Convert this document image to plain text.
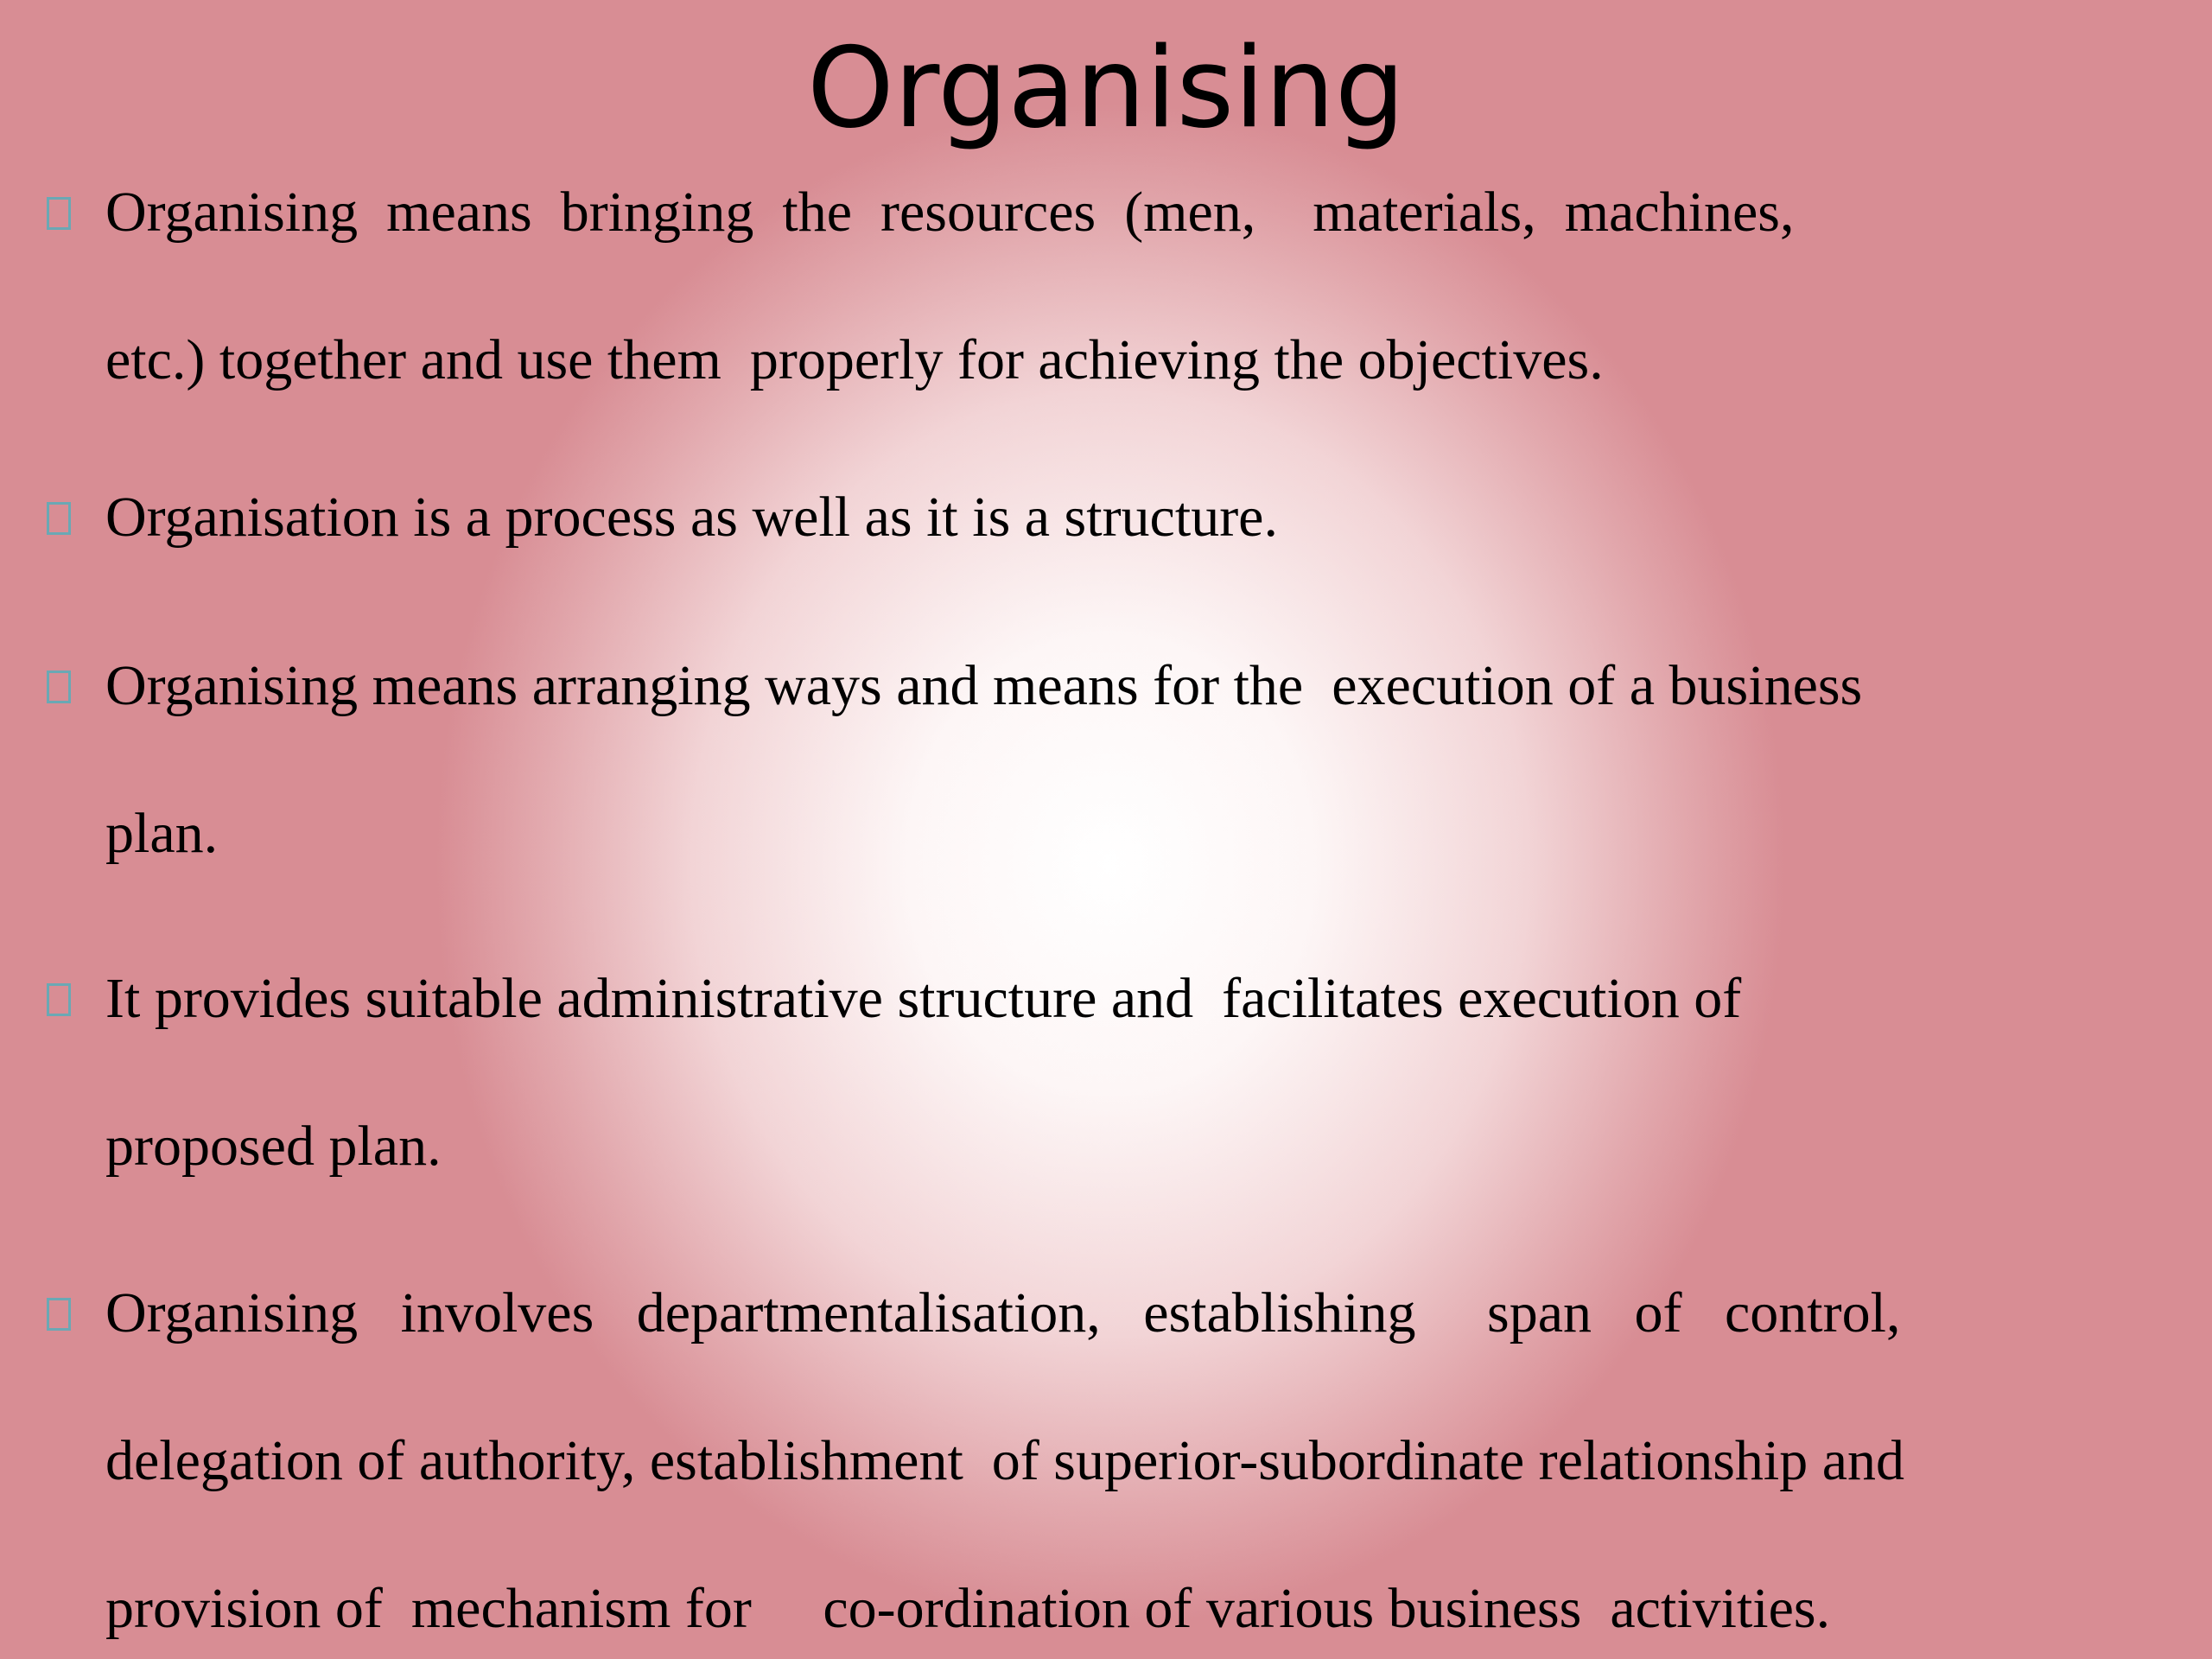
Organising
Organising  means  bringing  the  resources  (men,    materials,  machines,
etc.) together and use them  properly for achieving the objectives.
Organisation is a process as well as it is a structure.
Organising means arranging ways and means for the  execution of a business
plan.
It provides suitable administrative structure and  facilitates execution of
proposed plan.
Organising   involves   departmentalisation,   establishing     span   of   control,
delegation of authority, establishment  of superior-subordinate relationship and
provision of  mechanism for     co-ordination of various business  activities.
